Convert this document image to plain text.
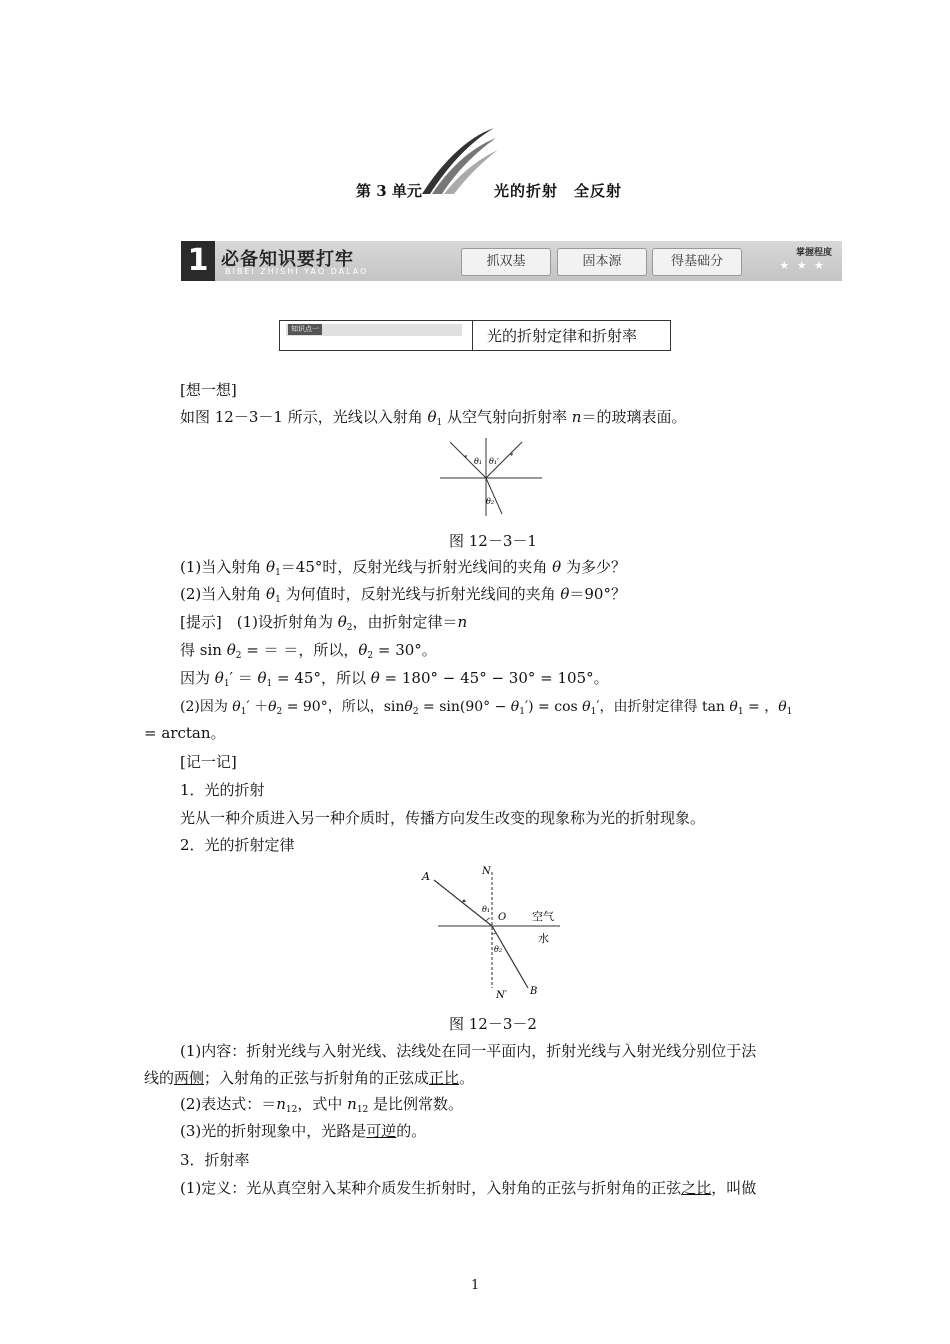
第 3 单元	光的折射　全反射
1 必备知识要打牢
BIBEI ZHISHI YAO DALAO
抓双基	固本源	得基础分
掌握程度
★ ★ ★
知识点一	光的折射定律和折射率
[想一想]
如图 12－3－1 所示，光线以入射角 $\theta_1$ 从空气射向折射率 n＝的玻璃表面。
θ₁ θ₁′
θ₂
图 12－3－1
(1)当入射角 $\theta_1=45^\circ$时，反射光线与折射光线间的夹角 θ 为多少？
(2)当入射角 $\theta_1$ 为何值时，反射光线与折射光线间的夹角 θ＝90°？
[提示]　(1)设折射角为 $\theta_2$，由折射定律＝n
得 $\sin \theta_2$ = ＝ ＝，所以，$\theta_2 = 30^\circ$。
因为 $\theta_1' = \theta_1 = 45^\circ$，所以 θ = 180° − 45° − 30° = 105°。
(2)因为 $\theta_1' +\theta_2 = 90^\circ$，所以，$\sin\theta_2 = \sin(90^\circ - \theta_1') = \cos \theta_1'$，由折射定律得 $\tan \theta_1$ = ，$\theta_1$
= arctan。
[记一记]
1．光的折射
光从一种介质进入另一种介质时，传播方向发生改变的现象称为光的折射现象。
2．光的折射定律
A	N
θ₁
O 空气
水
θ₂
N′ B
图 12－3－2
(1)内容：折射光线与入射光线、法线处在同一平面内，折射光线与入射光线分别位于法
线的两侧；入射角的正弦与折射角的正弦成正比。
(2)表达式：$=n_{12}$，式中 $n_{12}$ 是比例常数。
(3)光的折射现象中，光路是可逆的。
3．折射率
(1)定义：光从真空射入某种介质发生折射时，入射角的正弦与折射角的正弦之比，叫做
1
